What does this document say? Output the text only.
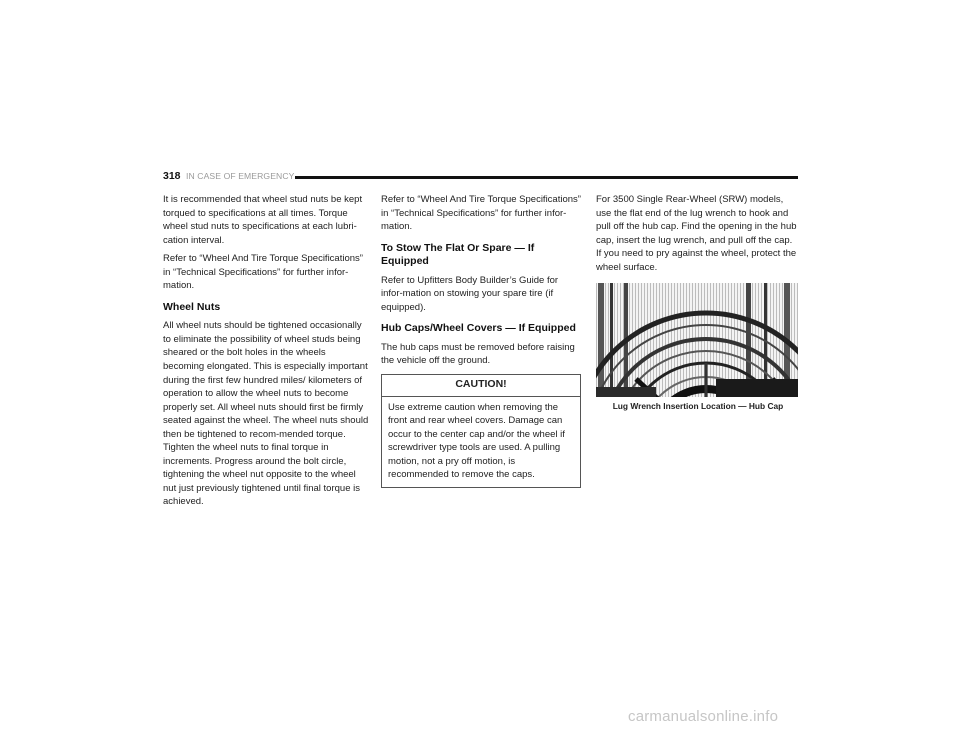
318 IN CASE OF EMERGENCY

It is recommended that wheel stud nuts be kept torqued to specifications at all times. Torque wheel stud nuts to specifications at each lubri-cation interval.

Refer to “Wheel And Tire Torque Specifications” in “Technical Specifications” for further infor-mation.

Wheel Nuts

All wheel nuts should be tightened occasionally to eliminate the possibility of wheel studs being sheared or the bolt holes in the wheels becoming elongated. This is especially important during the first few hundred miles/ kilometers of operation to allow the wheel nuts to become properly set. All wheel nuts should first be firmly seated against the wheel. The wheel nuts should then be tightened to recom-mended torque. Tighten the wheel nuts to final torque in increments. Progress around the bolt circle, tightening the wheel nut opposite to the wheel nut just previously tightened until final torque is achieved.

Refer to “Wheel And Tire Torque Specifications” in “Technical Specifications” for further infor-mation.

To Stow The Flat Or Spare — If Equipped

Refer to Upfitters Body Builder’s Guide for infor-mation on stowing your spare tire (if equipped).

Hub Caps/Wheel Covers — If Equipped

The hub caps must be removed before raising the vehicle off the ground.

CAUTION!
Use extreme caution when removing the front and rear wheel covers. Damage can occur to the center cap and/or the wheel if screwdriver type tools are used. A pulling motion, not a pry off motion, is recommended to remove the caps.

For 3500 Single Rear-Wheel (SRW) models, use the flat end of the lug wrench to hook and pull off the hub cap. Find the opening in the hub cap, insert the lug wrench, and pull off the cap. If you need to pry against the wheel, protect the wheel surface.

Lug Wrench Insertion Location — Hub Cap
carmanualsonline.info
